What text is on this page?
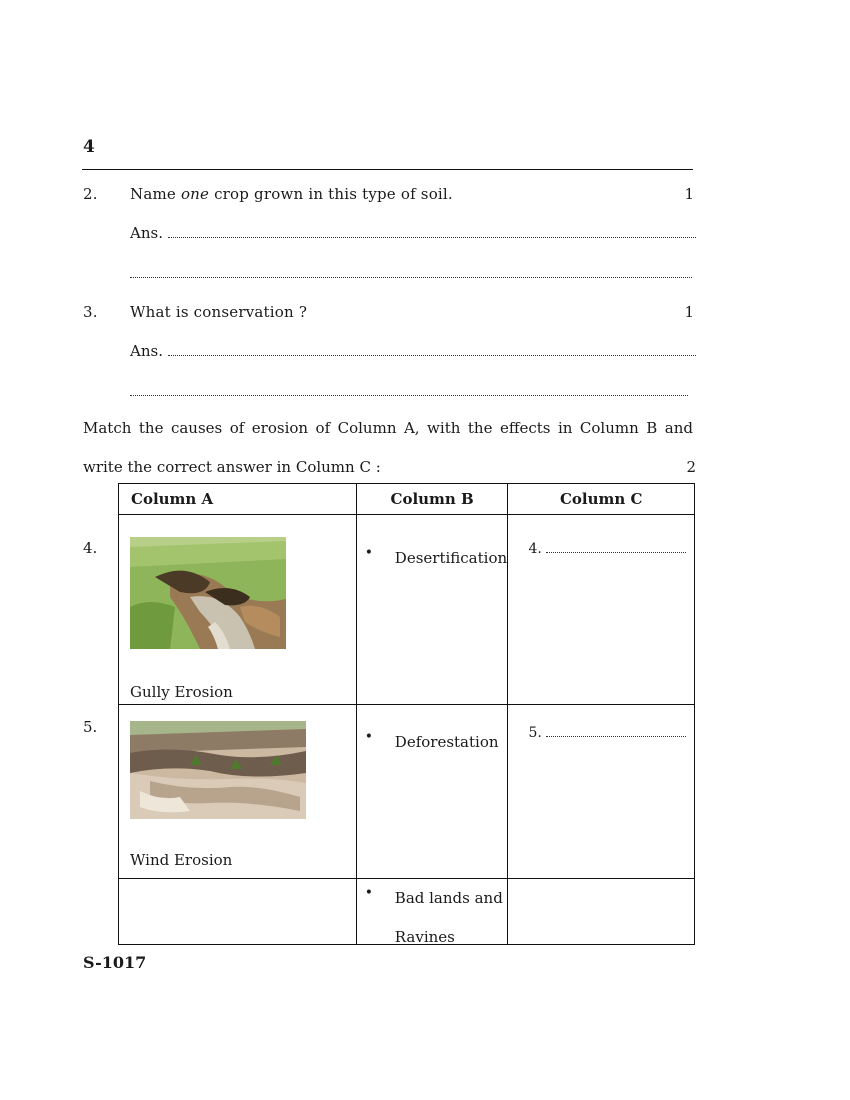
4
2. Name one crop grown in this type of soil.	1
Ans.
3. What is conservation ?	1
Ans.
Match the causes of erosion of Column A, with the effects in Column B and write the correct answer in Column C :	2
4.
5.
Column A	Column B	Column C

Gully Erosion	• Desertification	4.

Wind Erosion	• Deforestation	5.

	• Bad lands and Ravines	

S-1017
